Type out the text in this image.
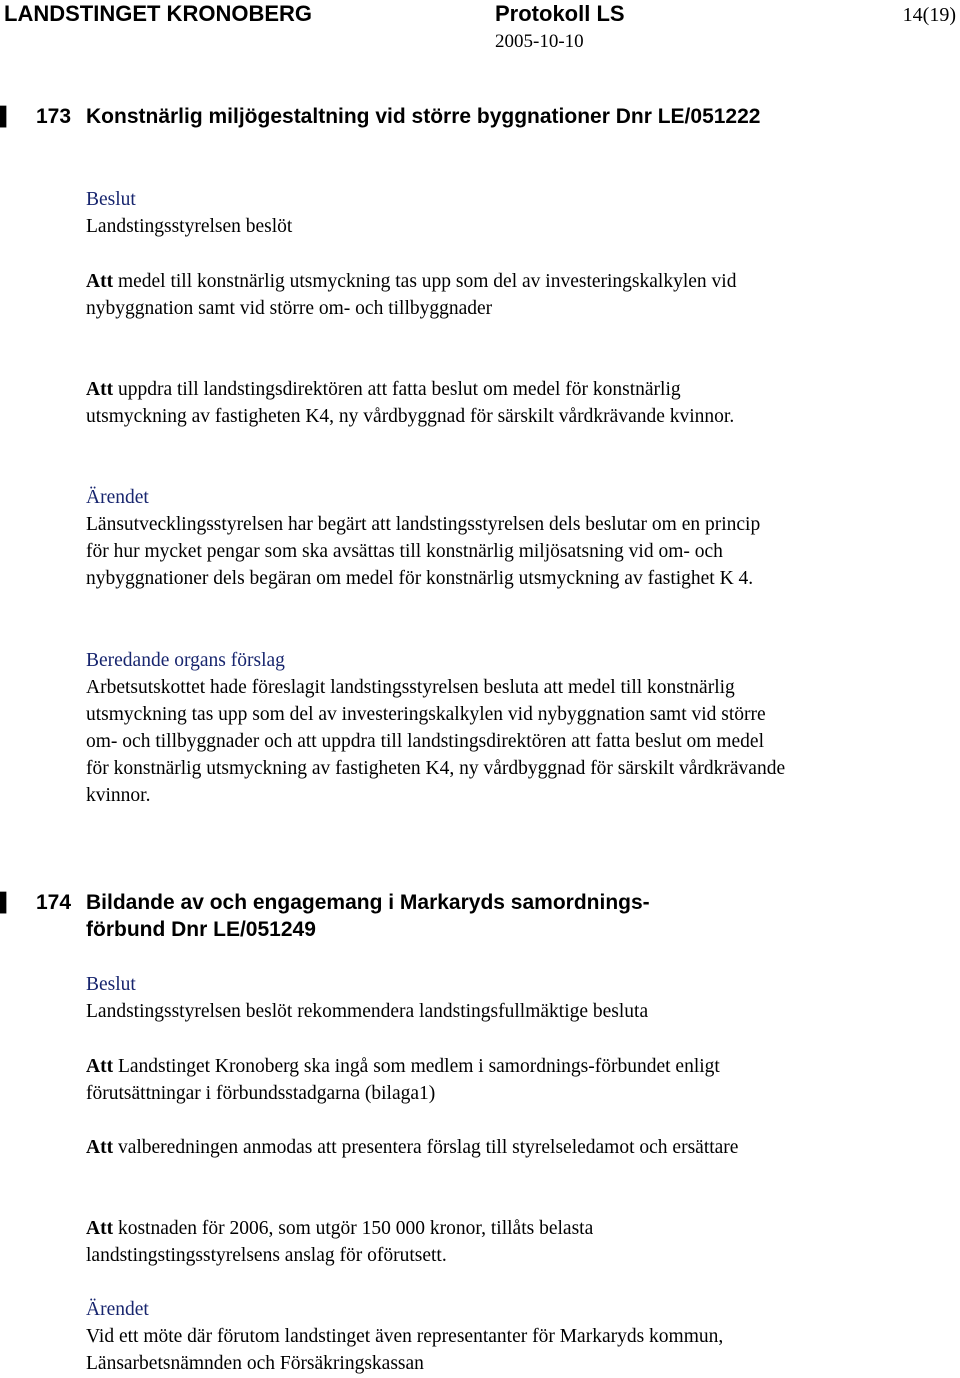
LANDSTINGET KRONOBERG	Protokoll LS
2005-10-10
14(19)
▌ 173 Konstnärlig miljögestaltning vid större byggnationer Dnr LE/051222
Beslut
Landstingsstyrelsen beslöt
Att medel till konstnärlig utsmyckning tas upp som del av investeringskalkylen vid nybyggnation samt vid större om- och tillbyggnader
Att uppdra till landstingsdirektören att fatta beslut om medel för konstnärlig utsmyckning av fastigheten K4, ny vårdbyggnad för särskilt vårdkrävande kvinnor.
Ärendet
Länsutvecklingsstyrelsen har begärt att landstingsstyrelsen dels beslutar om en princip för hur mycket pengar som ska avsättas till konstnärlig miljösatsning vid om- och nybyggnationer dels begäran om medel för konstnärlig utsmyckning av fastighet K 4.
Beredande organs förslag
Arbetsutskottet hade föreslagit landstingsstyrelsen besluta att medel till konstnärlig utsmyckning tas upp som del av investeringskalkylen vid nybyggnation samt vid större om- och tillbyggnader och att uppdra till landstingsdirektören att fatta beslut om medel för konstnärlig utsmyckning av fastigheten K4, ny vårdbyggnad för särskilt vårdkrävande kvinnor.
▌ 174 Bildande av och engagemang i Markaryds samordnings-förbund Dnr LE/051249
Beslut
Landstingsstyrelsen beslöt rekommendera landstingsfullmäktige besluta
Att Landstinget Kronoberg ska ingå som medlem i samordnings-förbundet enligt förutsättningar i förbundsstadgarna (bilaga1)
Att valberedningen anmodas att presentera förslag till styrelseledamot och ersättare
Att kostnaden för 2006, som utgör 150 000 kronor, tillåts belasta landstingstingsstyrelsens anslag för oförutsett.
Ärendet
Vid ett möte där förutom landstinget även representanter för Markaryds kommun, Länsarbetsnämnden och Försäkringskassan
